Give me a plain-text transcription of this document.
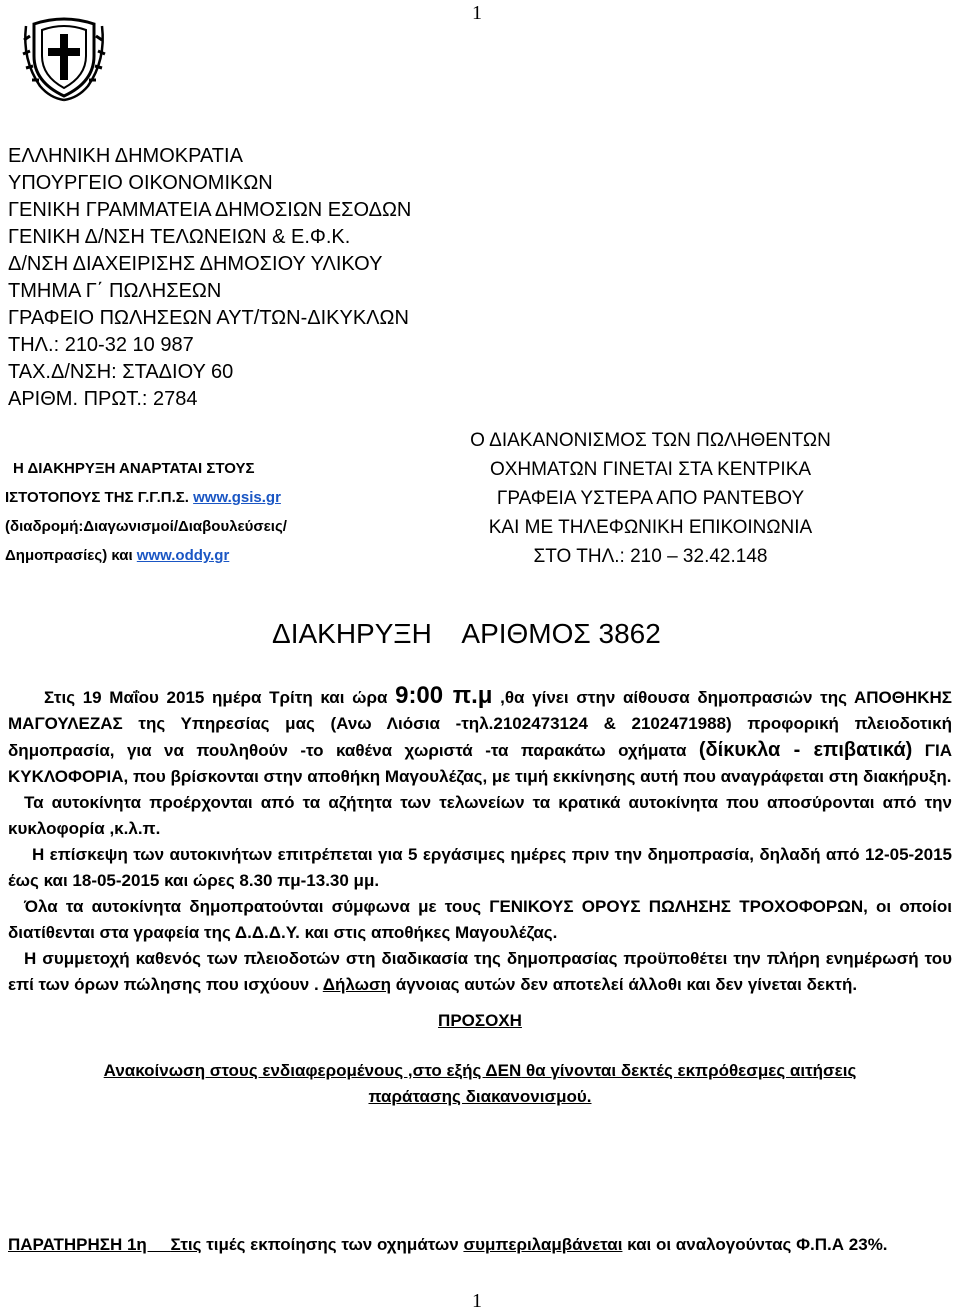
1
ΕΛΛΗΝΙΚΗ ΔΗΜΟΚΡΑΤΙΑ
ΥΠΟΥΡΓΕΙΟ ΟΙΚΟΝΟΜΙΚΩΝ
ΓΕΝΙΚΗ ΓΡΑΜΜΑΤΕΙΑ ΔΗΜΟΣΙΩΝ ΕΣΟΔΩΝ
ΓΕΝΙΚΗ Δ/ΝΣΗ ΤΕΛΩΝΕΙΩΝ & Ε.Φ.Κ.
Δ/ΝΣΗ ΔΙΑΧΕΙΡΙΣΗΣ ΔΗΜΟΣΙΟΥ ΥΛΙΚΟΥ
ΤΜΗΜΑ Γ΄ ΠΩΛΗΣΕΩΝ
ΓΡΑΦΕΙΟ ΠΩΛΗΣΕΩΝ ΑΥΤ/ΤΩΝ-ΔΙΚΥΚΛΩΝ
ΤΗΛ.: 210-32 10 987
ΤΑΧ.Δ/ΝΣΗ: ΣΤΑΔΙΟΥ 60
ΑΡΙΘΜ. ΠΡΩΤ.: 2784
Η ΔΙΑΚΗΡΥΞΗ ΑΝΑΡΤΑΤΑΙ ΣΤΟΥΣ
ΙΣΤΟΤΟΠΟΥΣ ΤΗΣ Γ.Γ.Π.Σ. www.gsis.gr
(διαδρομή:Διαγωνισμοί/Διαβουλεύσεις/
Δημοπρασίες) και www.oddy.gr
Ο ΔΙΑΚΑΝΟΝΙΣΜΟΣ ΤΩΝ ΠΩΛΗΘΕΝΤΩΝ
ΟΧΗΜΑΤΩΝ ΓΙΝΕΤΑΙ ΣΤΑ ΚΕΝΤΡΙΚΑ
ΓΡΑΦΕΙΑ ΥΣΤΕΡΑ ΑΠΟ ΡΑΝΤΕΒΟΥ
ΚΑΙ ΜΕ ΤΗΛΕΦΩΝΙΚΗ ΕΠΙΚΟΙΝΩΝΙΑ
ΣΤΟ ΤΗΛ.: 210 – 32.42.148
ΔΙΑΚΗΡΥΞΗ    ΑΡΙΘΜΟΣ 3862

Στις 19 Μαΐου 2015 ημέρα Τρίτη και ώρα 9:00 π.μ ,θα γίνει στην αίθουσα δημοπρασιών της ΑΠΟΘΗΚΗΣ ΜΑΓΟΥΛΕΖΑΣ της Υπηρεσίας μας (Ανω Λιόσια -τηλ.2102473124 & 2102471988) προφορική πλειοδοτική δημοπρασία, για να πουληθούν -το καθένα χωριστά -τα παρακάτω οχήματα (δίκυκλα - επιβατικά) ΓΙΑ ΚΥΚΛΟΦΟΡΙΑ, που βρίσκονται στην αποθήκη Μαγουλέζας, με τιμή εκκίνησης αυτή που αναγράφεται στη διακήρυξη.

Τα αυτοκίνητα προέρχονται από τα αζήτητα των τελωνείων τα κρατικά αυτοκίνητα που αποσύρονται από την κυκλοφορία ,κ.λ.π.

Η επίσκεψη των αυτοκινήτων επιτρέπεται για 5 εργάσιμες ημέρες πριν την δημοπρασία, δηλαδή από 12-05-2015 έως και 18-05-2015 και ώρες 8.30 πμ-13.30 μμ.

Όλα τα αυτοκίνητα δημοπρατούνται σύμφωνα με τους ΓΕΝΙΚΟΥΣ ΟΡΟΥΣ ΠΩΛΗΣΗΣ ΤΡΟΧΟΦΟΡΩΝ, οι οποίοι διατίθενται στα γραφεία της Δ.Δ.Δ.Υ. και στις αποθήκες Μαγουλέζας.

Η συμμετοχή καθενός των πλειοδοτών στη διαδικασία της δημοπρασίας προϋποθέτει την πλήρη ενημέρωσή του επί των όρων πώλησης που ισχύουν . Δήλωση άγνοιας αυτών δεν αποτελεί άλλοθι και δεν γίνεται δεκτή.

ΠΡΟΣΟΧΗ
Ανακοίνωση στους ενδιαφερομένους ,στο εξής ΔΕΝ θα γίνονται δεκτές εκπρόθεσμες αιτήσεις
παράτασης διακανονισμού.

ΠΑΡΑΤΗΡΗΣΗ 1η     Στις τιμές εκποίησης των οχημάτων συμπεριλαμβάνεται και οι αναλογούντας Φ.Π.Α 23%.

1
